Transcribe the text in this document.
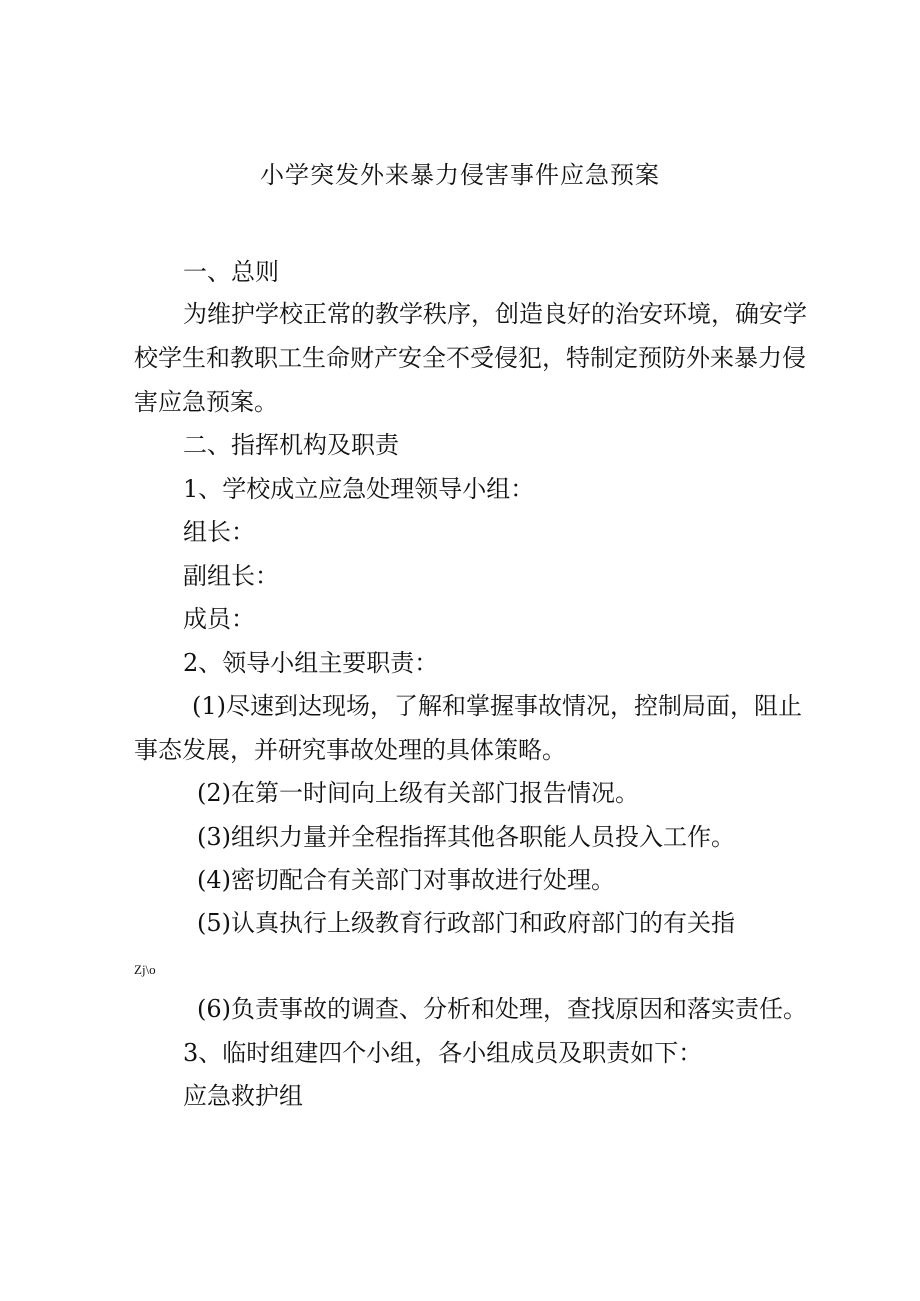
小学突发外来暴力侵害事件应急预案
一、总则
为维护学校正常的教学秩序，创造良好的治安环境，确安学
校学生和教职工生命财产安全不受侵犯，特制定预防外来暴力侵
害应急预案。
二、指挥机构及职责
1、学校成立应急处理领导小组：
组长：
副组长：
成员：
2、领导小组主要职责：
(1)尽速到达现场，了解和掌握事故情况，控制局面，阻止
事态发展，并研究事故处理的具体策略。
(2)在第一时间向上级有关部门报告情况。
(3)组织力量并全程指挥其他各职能人员投入工作。
(4)密切配合有关部门对事故进行处理。
(5)认真执行上级教育行政部门和政府部门的有关指
Zj\o
(6)负责事故的调查、分析和处理，查找原因和落实责任。
3、临时组建四个小组，各小组成员及职责如下：
应急救护组
